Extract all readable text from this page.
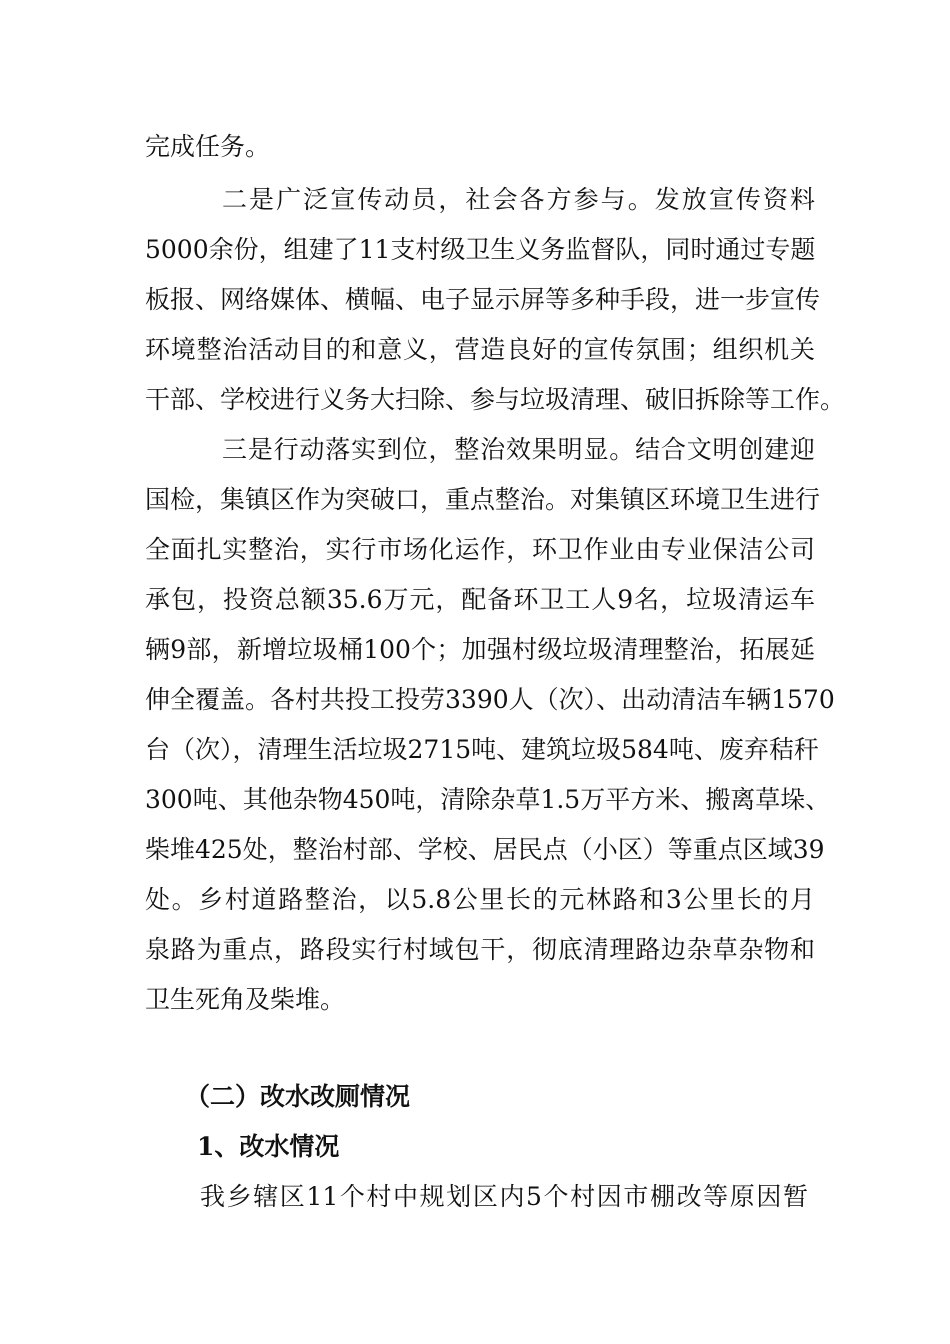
完成任务。
二是广泛宣传动员，社会各方参与。发放宣传资料
5000余份，组建了11支村级卫生义务监督队，同时通过专题
板报、网络媒体、横幅、电子显示屏等多种手段，进一步宣传
环境整治活动目的和意义，营造良好的宣传氛围；组织机关
干部、学校进行义务大扫除、参与垃圾清理、破旧拆除等工作。
三是行动落实到位，整治效果明显。结合文明创建迎
国检，集镇区作为突破口，重点整治。对集镇区环境卫生进行
全面扎实整治，实行市场化运作，环卫作业由专业保洁公司
承包，投资总额35.6万元，配备环卫工人9名，垃圾清运车
辆9部，新增垃圾桶100个；加强村级垃圾清理整治，拓展延
伸全覆盖。各村共投工投劳3390人（次）、出动清洁车辆1570
台（次），清理生活垃圾2715吨、建筑垃圾584吨、废弃秸秆
300吨、其他杂物450吨，清除杂草1.5万平方米、搬离草垛、
柴堆425处，整治村部、学校、居民点（小区）等重点区域39
处。乡村道路整治，以5.8公里长的元林路和3公里长的月
泉路为重点，路段实行村域包干，彻底清理路边杂草杂物和
卫生死角及柴堆。
（二）改水改厕情况
1、改水情况
我乡辖区11个村中规划区内5个村因市棚改等原因暂
